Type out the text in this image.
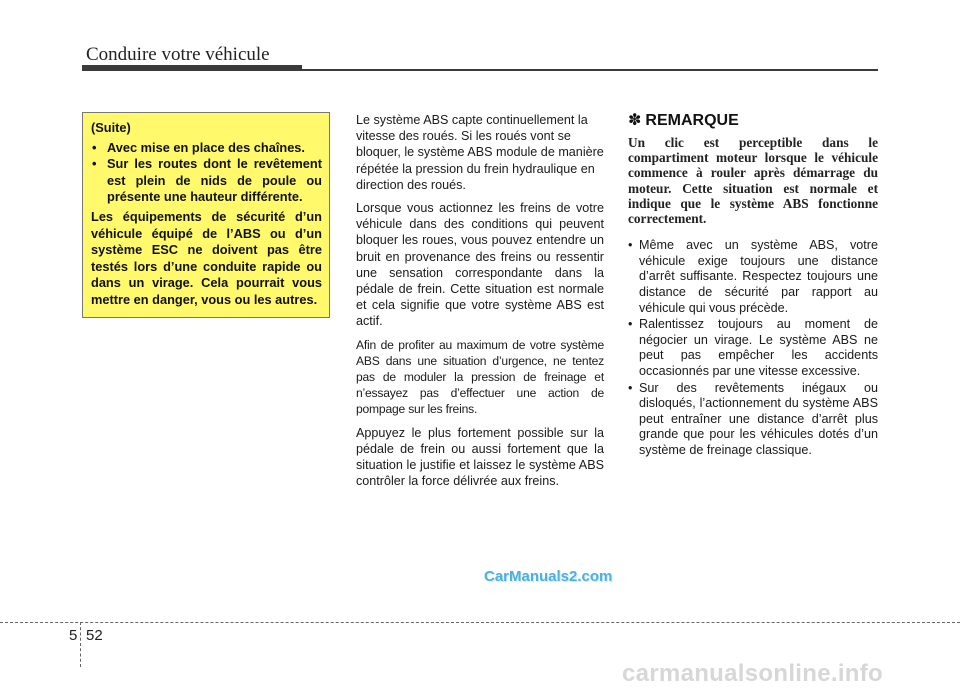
Conduire votre véhicule

(Suite)

• Avec mise en place des chaînes.
• Sur les routes dont le revêtement est plein de nids de poule ou présente une hauteur différente.

Les équipements de sécurité d’un véhicule équipé de l’ABS ou d’un système ESC ne doivent pas être testés lors d’une conduite rapide ou dans un virage. Cela pourrait vous mettre en danger, vous ou les autres.

Le système ABS capte continuellement la vitesse des roués. Si les roués vont se bloquer, le système ABS module de manière répétée la pression du frein hydraulique en direction des roués.

Lorsque vous actionnez les freins de votre véhicule dans des conditions qui peuvent bloquer les roues, vous pouvez entendre un bruit en provenance des freins ou ressentir une sensation correspondante dans la pédale de frein. Cette situation est normale et cela signifie que votre système ABS est actif.

Afin de profiter au maximum de votre système ABS dans une situation d’urgence, ne tentez pas de moduler la pression de freinage et n’essayez pas d’effectuer une action de pompage sur les freins.

Appuyez le plus fortement possible sur la pédale de frein ou aussi fortement que la situation le justifie et laissez le système ABS contrôler la force délivrée aux freins.

✽ REMARQUE

Un clic est perceptible dans le compartiment moteur lorsque le véhicule commence à rouler après démarrage du moteur. Cette situation est normale et indique que le système ABS fonctionne correctement.

• Même avec un système ABS, votre véhicule exige toujours une distance d’arrêt suffisante. Respectez toujours une distance de sécurité par rapport au véhicule qui vous précède.
• Ralentissez toujours au moment de négocier un virage. Le système ABS ne peut pas empêcher les accidents occasionnés par une vitesse excessive.
• Sur des revêtements inégaux ou disloqués, l’actionnement du système ABS peut entraîner une distance d’arrêt plus grande que pour les véhicules dotés d’un système de freinage classique.
CarManuals2.com
5 52
carmanualsonline.info
